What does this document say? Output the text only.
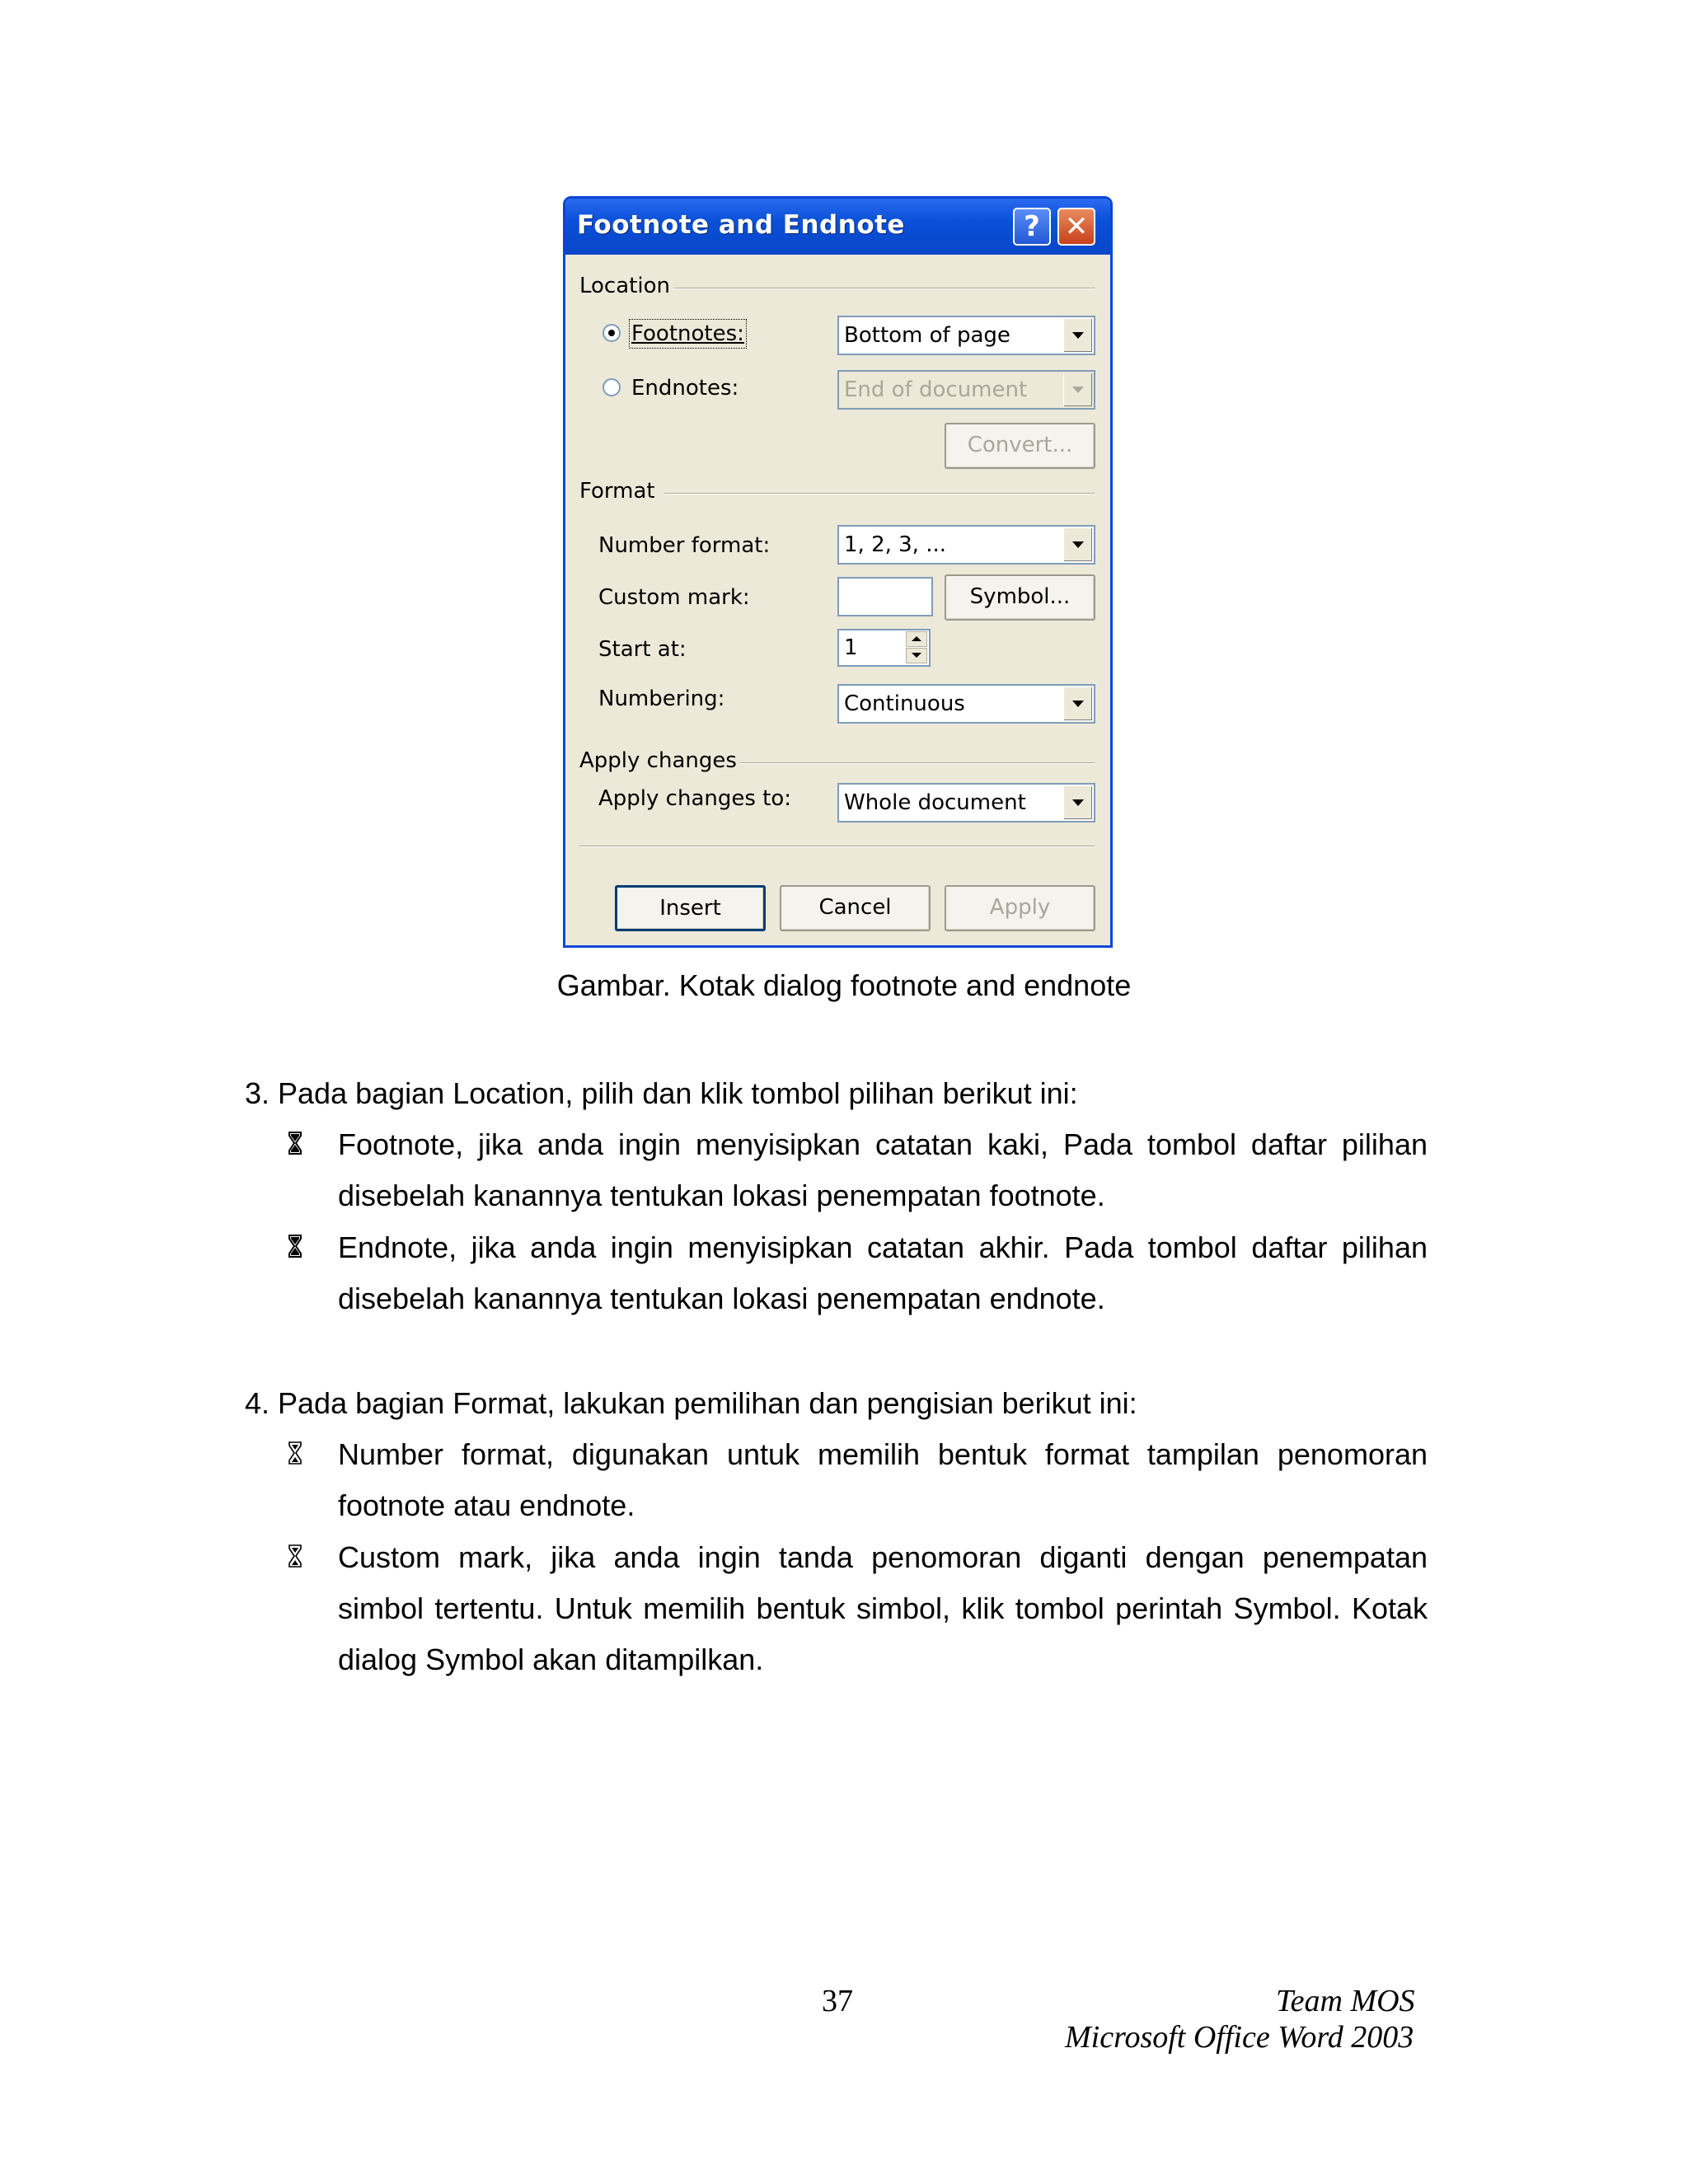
Footnote and Endnote	? ✕
Location
Footnotes:	Bottom of page
Endnotes:	End of document
Convert...
Format
Number format:	1, 2, 3, ...
Custom mark:	Symbol...
Start at:	1
Numbering:	Continuous
Apply changes
Apply changes to: Whole document
Insert	Cancel	Apply
Gambar. Kotak dialog footnote and endnote
3. Pada bagian Location, pilih dan klik tombol pilihan berikut ini:
Footnote, jika anda ingin menyisipkan catatan kaki, Pada tombol daftar pilihan disebelah kanannya tentukan lokasi penempatan footnote.
Endnote, jika anda ingin menyisipkan catatan akhir. Pada tombol daftar pilihan disebelah kanannya tentukan lokasi penempatan endnote.
4. Pada bagian Format, lakukan pemilihan dan pengisian berikut ini:
Number format, digunakan untuk memilih bentuk format tampilan penomoran footnote atau endnote.
Custom mark, jika anda ingin tanda penomoran diganti dengan penempatan simbol tertentu. Untuk memilih bentuk simbol, klik tombol perintah Symbol. Kotak dialog Symbol akan ditampilkan.
37	Team MOS
Microsoft Office Word 2003
